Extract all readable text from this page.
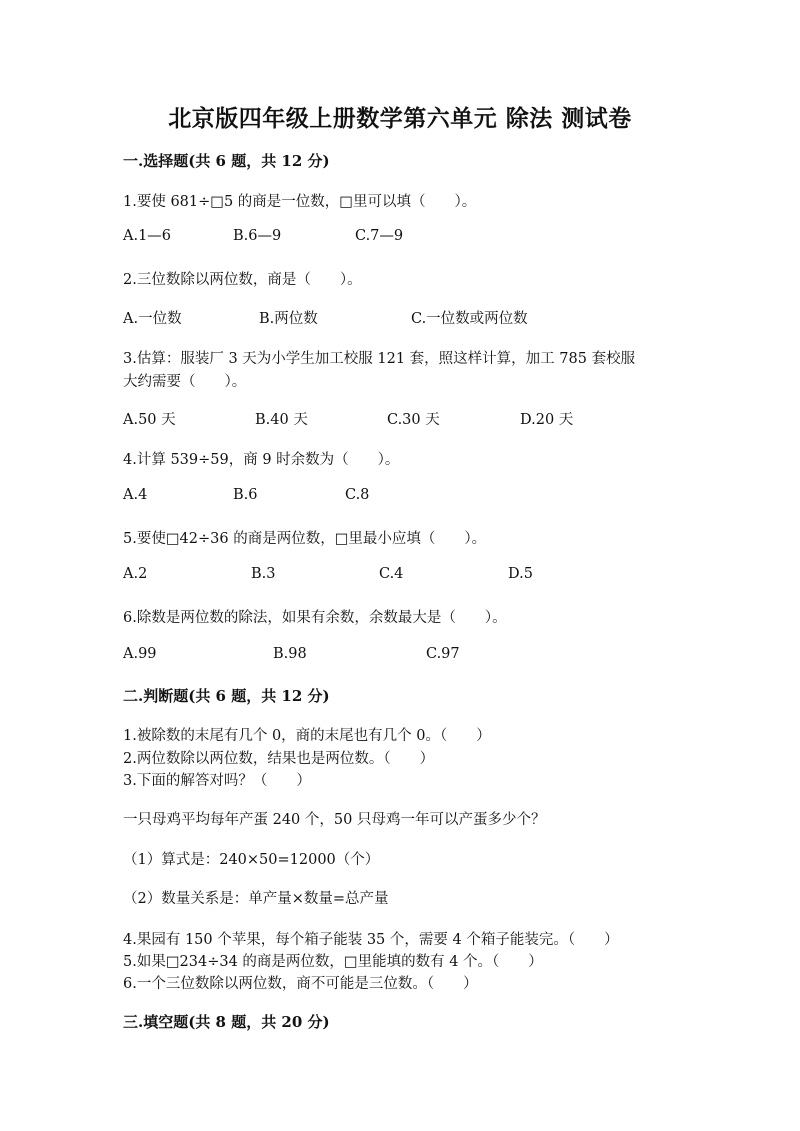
北京版四年级上册数学第六单元 除法 测试卷
一.选择题(共 6 题，共 12 分)
1.要使 681÷□5 的商是一位数，□里可以填（　　）。
A.1—6	B.6—9	C.7—9
2.三位数除以两位数，商是（　　）。
A.一位数	B.两位数	C.一位数或两位数
3.估算：服装厂 3 天为小学生加工校服 121 套，照这样计算，加工 785 套校服
大约需要（　　）。
A.50 天	B.40 天	C.30 天	D.20 天
4.计算 539÷59，商 9 时余数为（　　）。
A.4	B.6	C.8
5.要使□42÷36 的商是两位数，□里最小应填（　　）。
A.2	B.3	C.4	D.5
6.除数是两位数的除法，如果有余数，余数最大是（　　）。
A.99	B.98	C.97
二.判断题(共 6 题，共 12 分)
1.被除数的末尾有几个 0，商的末尾也有几个 0。（　　）
2.两位数除以两位数，结果也是两位数。（　　）
3.下面的解答对吗？（　　）
一只母鸡平均每年产蛋 240 个，50 只母鸡一年可以产蛋多少个？
（1）算式是：240×50=12000（个）
（2）数量关系是：单产量×数量=总产量
4.果园有 150 个苹果，每个箱子能装 35 个，需要 4 个箱子能装完。（　　）
5.如果□234÷34 的商是两位数，□里能填的数有 4 个。（　　）
6.一个三位数除以两位数，商不可能是三位数。（　　）
三.填空题(共 8 题，共 20 分)
